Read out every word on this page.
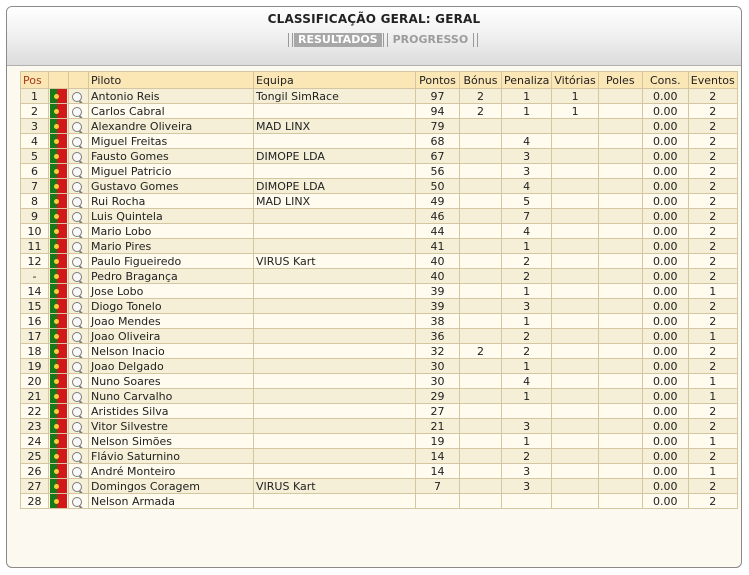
CLASSIFICAÇÃO GERAL: GERAL
RESULTADOS	PROGRESSO
Pos			Piloto	Equipa	Pontos	Bónus	Penaliza	Vitórias	Poles	Cons.	Eventos
1			Antonio Reis	Tongil SimRace	97	2	1	1		0.00	2
2			Carlos Cabral		94	2	1	1		0.00	2
3			Alexandre Oliveira	MAD LINX	79					0.00	2
4			Miguel Freitas		68		4			0.00	2
5			Fausto Gomes	DIMOPE LDA	67		3			0.00	2
6			Miguel Patricio		56		3			0.00	2
7			Gustavo Gomes	DIMOPE LDA	50		4			0.00	2
8			Rui Rocha	MAD LINX	49		5			0.00	2
9			Luis Quintela		46		7			0.00	2
10			Mario Lobo		44		4			0.00	2
11			Mario Pires		41		1			0.00	2
12			Paulo Figueiredo	VIRUS Kart	40		2			0.00	2
-			Pedro Bragança		40		2			0.00	2
14			Jose Lobo		39		1			0.00	1
15			Diogo Tonelo		39		3			0.00	2
16			Joao Mendes		38		1			0.00	2
17			Joao Oliveira		36		2			0.00	1
18			Nelson Inacio		32	2	2			0.00	2
19			Joao Delgado		30		1			0.00	2
20			Nuno Soares		30		4			0.00	1
21			Nuno Carvalho		29		1			0.00	1
22			Aristides Silva		27					0.00	2
23			Vitor Silvestre		21		3			0.00	2
24			Nelson Simões		19		1			0.00	1
25			Flávio Saturnino		14		2			0.00	2
26			André Monteiro		14		3			0.00	1
27			Domingos Coragem	VIRUS Kart	7		3			0.00	2
28			Nelson Armada							0.00	2
